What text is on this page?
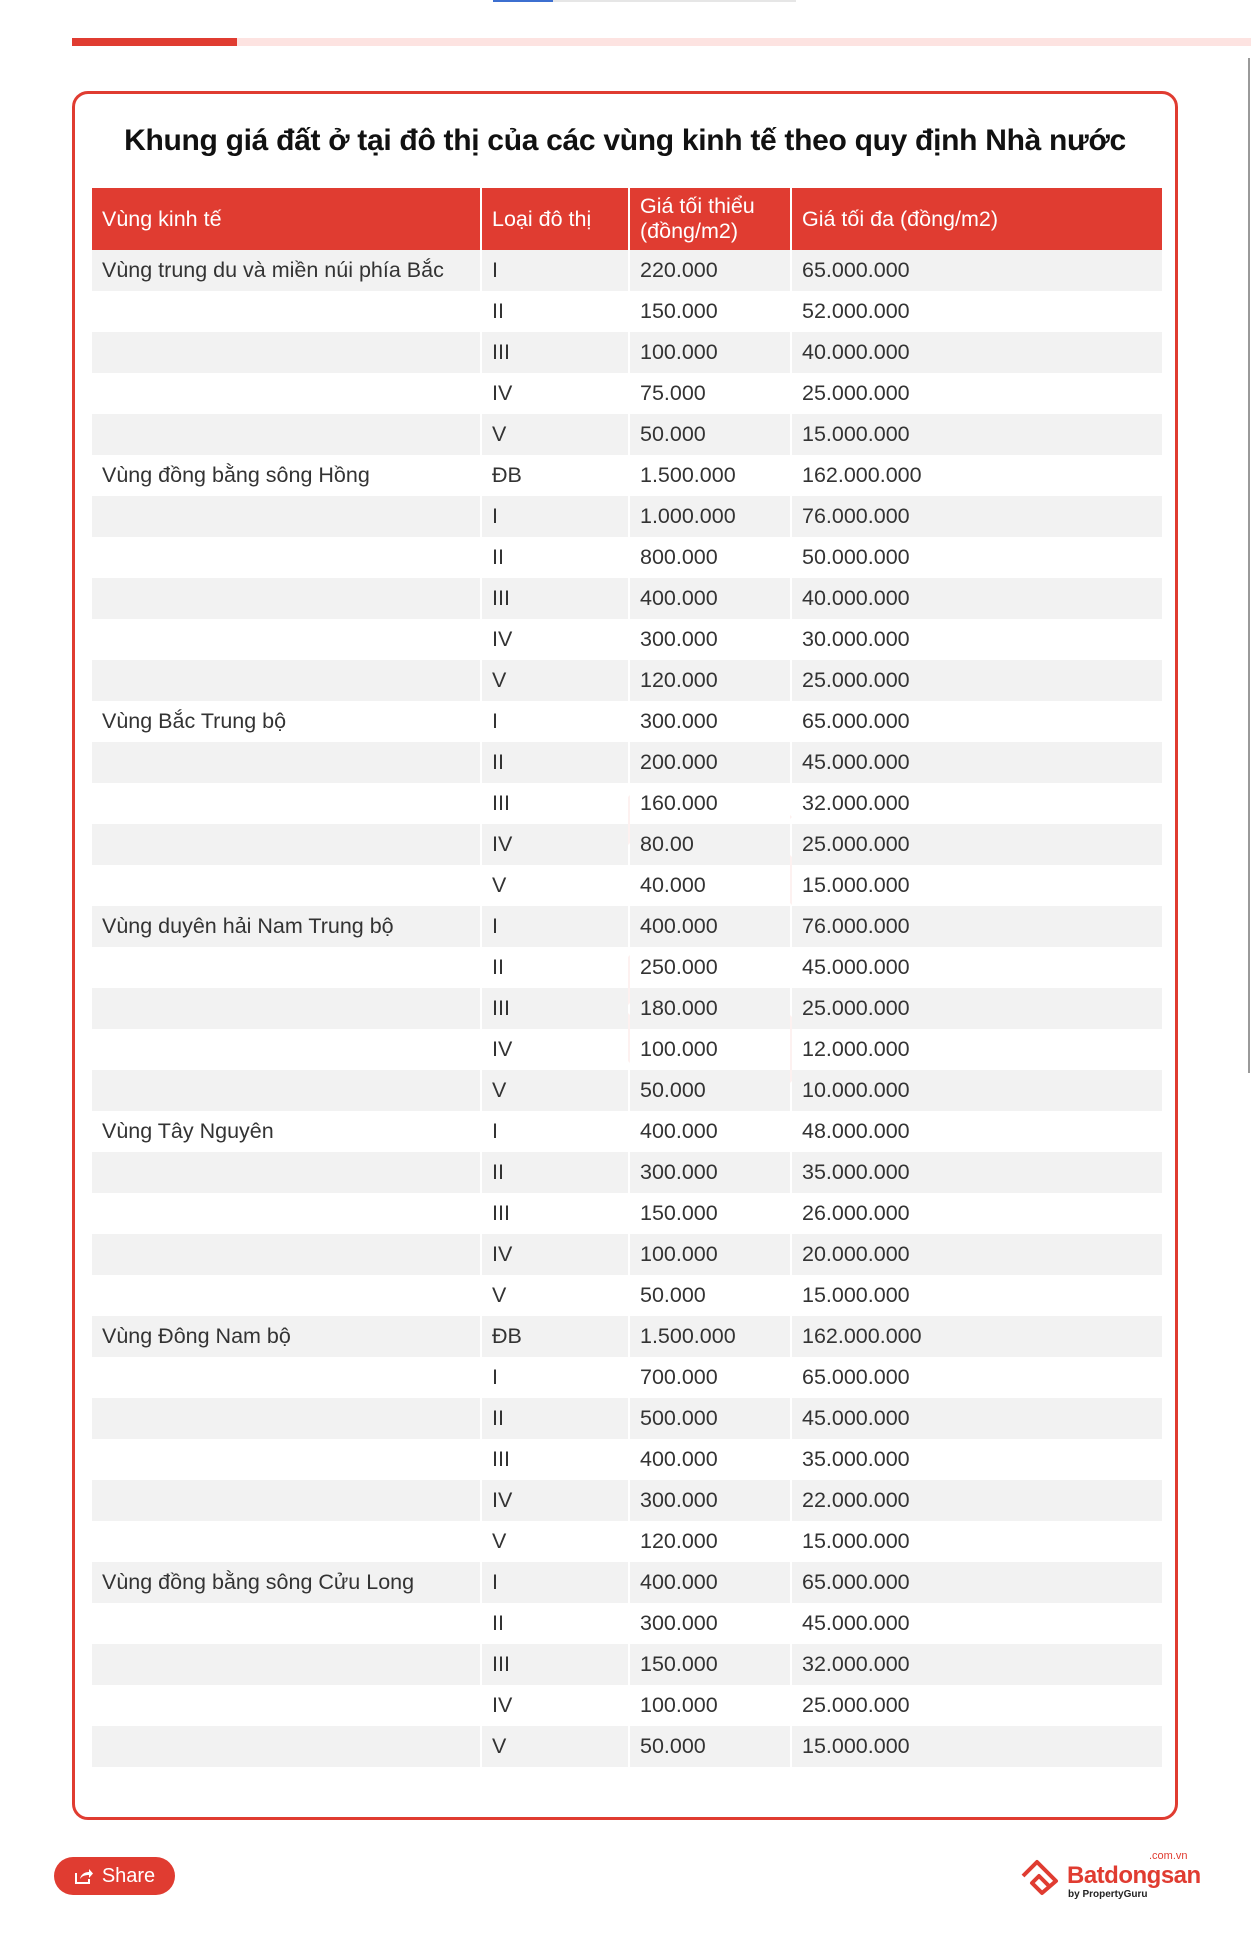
Khung giá đất ở tại đô thị của các vùng kinh tế theo quy định Nhà nước
Vùng kinh tế	Loại đô thị	Giá tối thiểu (đồng/m2)	Giá tối đa (đồng/m2)
Vùng trung du và miền núi phía Bắc	I	220.000	65.000.000
	II	150.000	52.000.000
	III	100.000	40.000.000
	IV	75.000	25.000.000
	V	50.000	15.000.000
Vùng đồng bằng sông Hồng	ĐB	1.500.000	162.000.000
	I	1.000.000	76.000.000
	II	800.000	50.000.000
	III	400.000	40.000.000
	IV	300.000	30.000.000
	V	120.000	25.000.000
Vùng Bắc Trung bộ	I	300.000	65.000.000
	II	200.000	45.000.000
	III	160.000	32.000.000
	IV	80.00	25.000.000
	V	40.000	15.000.000
Vùng duyên hải Nam Trung bộ	I	400.000	76.000.000
	II	250.000	45.000.000
	III	180.000	25.000.000
	IV	100.000	12.000.000
	V	50.000	10.000.000
Vùng Tây Nguyên	I	400.000	48.000.000
	II	300.000	35.000.000
	III	150.000	26.000.000
	IV	100.000	20.000.000
	V	50.000	15.000.000
Vùng Đông Nam bộ	ĐB	1.500.000	162.000.000
	I	700.000	65.000.000
	II	500.000	45.000.000
	III	400.000	35.000.000
	IV	300.000	22.000.000
	V	120.000	15.000.000
Vùng đồng bằng sông Cửu Long	I	400.000	65.000.000
	II	300.000	45.000.000
	III	150.000	32.000.000
	IV	100.000	25.000.000
	V	50.000	15.000.000
Share	Batdongsan
.com.vn
by PropertyGuru
